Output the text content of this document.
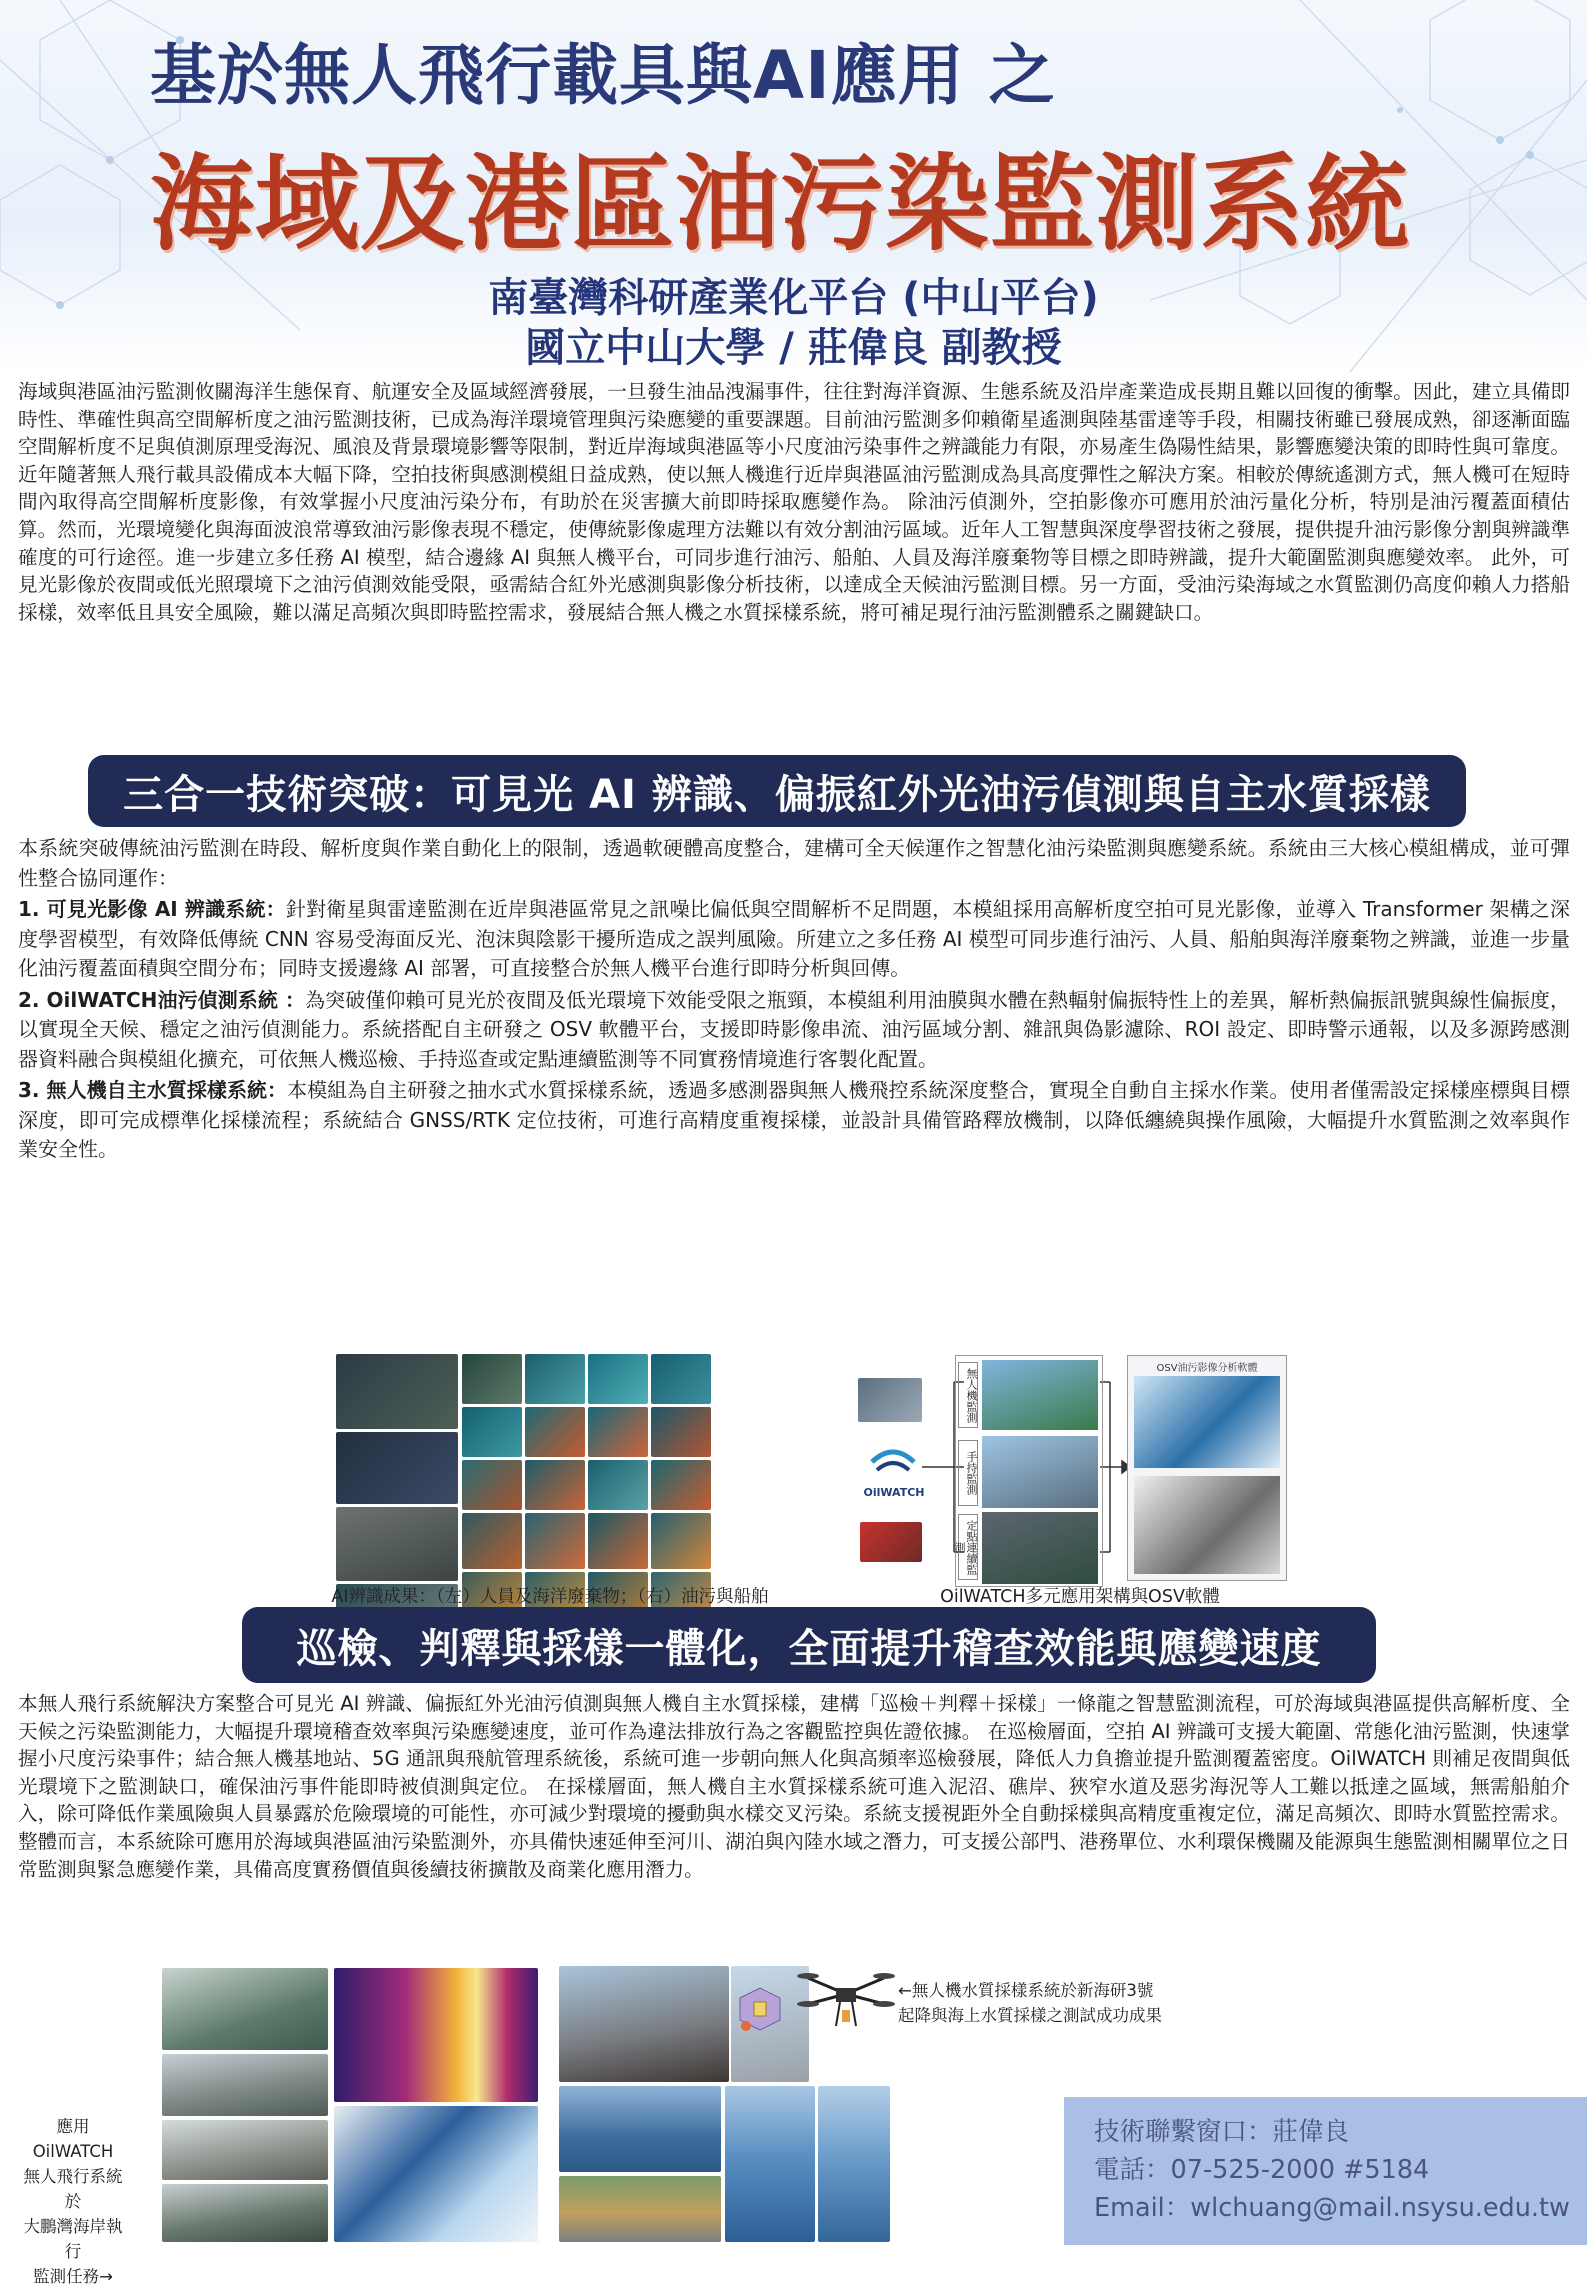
基於無人飛行載具與AI應用 之
海域及港區油污染監測系統
南臺灣科研產業化平台 (中山平台)
國立中山大學 / 莊偉良 副教授
海域與港區油污監測攸關海洋生態保育、航運安全及區域經濟發展，一旦發生油品洩漏事件，往往對海洋資源、生態系統及沿岸產業造成長期且難以回復的衝擊。因此，建立具備即時性、準確性與高空間解析度之油污監測技術，已成為海洋環境管理與污染應變的重要課題。目前油污監測多仰賴衛星遙測與陸基雷達等手段，相關技術雖已發展成熟，卻逐漸面臨空間解析度不足與偵測原理受海況、風浪及背景環境影響等限制，對近岸海域與港區等小尺度油污染事件之辨識能力有限，亦易產生偽陽性結果，影響應變決策的即時性與可靠度。 近年隨著無人飛行載具設備成本大幅下降，空拍技術與感測模組日益成熟，使以無人機進行近岸與港區油污監測成為具高度彈性之解決方案。相較於傳統遙測方式，無人機可在短時間內取得高空間解析度影像，有效掌握小尺度油污染分布，有助於在災害擴大前即時採取應變作為。 除油污偵測外，空拍影像亦可應用於油污量化分析，特別是油污覆蓋面積估算。然而，光環境變化與海面波浪常導致油污影像表現不穩定，使傳統影像處理方法難以有效分割油污區域。近年人工智慧與深度學習技術之發展，提供提升油污影像分割與辨識準確度的可行途徑。進一步建立多任務 AI 模型，結合邊緣 AI 與無人機平台，可同步進行油污、船舶、人員及海洋廢棄物等目標之即時辨識，提升大範圍監測與應變效率。 此外，可見光影像於夜間或低光照環境下之油污偵測效能受限，亟需結合紅外光感測與影像分析技術，以達成全天候油污監測目標。另一方面，受油污染海域之水質監測仍高度仰賴人力搭船採樣，效率低且具安全風險，難以滿足高頻次與即時監控需求，發展結合無人機之水質採樣系統，將可補足現行油污監測體系之關鍵缺口。
三合一技術突破：可見光 AI 辨識、偏振紅外光油污偵測與自主水質採樣
本系統突破傳統油污監測在時段、解析度與作業自動化上的限制，透過軟硬體高度整合，建構可全天候運作之智慧化油污染監測與應變系統。系統由三大核心模組構成，並可彈性整合協同運作：
1. 可見光影像 AI 辨識系統：針對衛星與雷達監測在近岸與港區常見之訊噪比偏低與空間解析不足問題，本模組採用高解析度空拍可見光影像，並導入 Transformer 架構之深度學習模型，有效降低傳統 CNN 容易受海面反光、泡沫與陰影干擾所造成之誤判風險。所建立之多任務 AI 模型可同步進行油污、人員、船舶與海洋廢棄物之辨識，並進一步量化油污覆蓋面積與空間分布；同時支援邊緣 AI 部署，可直接整合於無人機平台進行即時分析與回傳。
2. OilWATCH油污偵測系統 ：為突破僅仰賴可見光於夜間及低光環境下效能受限之瓶頸，本模組利用油膜與水體在熱輻射偏振特性上的差異，解析熱偏振訊號與線性偏振度，以實現全天候、穩定之油污偵測能力。系統搭配自主研發之 OSV 軟體平台，支援即時影像串流、油污區域分割、雜訊與偽影濾除、ROI 設定、即時警示通報，以及多源跨感測器資料融合與模組化擴充，可依無人機巡檢、手持巡查或定點連續監測等不同實務情境進行客製化配置。
3. 無人機自主水質採樣系統：本模組為自主研發之抽水式水質採樣系統，透過多感測器與無人機飛控系統深度整合，實現全自動自主採水作業。使用者僅需設定採樣座標與目標深度，即可完成標準化採樣流程；系統結合 GNSS/RTK 定位技術，可進行高精度重複採樣，並設計具備管路釋放機制，以降低纏繞與操作風險，大幅提升水質監測之效率與作業安全性。
AI辨識成果：（左）人員及海洋廢棄物；（右）油污與船舶
OilWATCH
無人機監測
手持監測
定點連續監測
OSV油污影像分析軟體
OilWATCH多元應用架構與OSV軟體
巡檢、判釋與採樣一體化，全面提升稽查效能與應變速度
本無人飛行系統解決方案整合可見光 AI 辨識、偏振紅外光油污偵測與無人機自主水質採樣，建構「巡檢＋判釋＋採樣」一條龍之智慧監測流程，可於海域與港區提供高解析度、全天候之污染監測能力，大幅提升環境稽查效率與污染應變速度，並可作為違法排放行為之客觀監控與佐證依據。 在巡檢層面，空拍 AI 辨識可支援大範圍、常態化油污監測，快速掌握小尺度污染事件；結合無人機基地站、5G 通訊與飛航管理系統後，系統可進一步朝向無人化與高頻率巡檢發展，降低人力負擔並提升監測覆蓋密度。OilWATCH 則補足夜間與低光環境下之監測缺口，確保油污事件能即時被偵測與定位。 在採樣層面，無人機自主水質採樣系統可進入泥沼、礁岸、狹窄水道及惡劣海況等人工難以抵達之區域，無需船舶介入，除可降低作業風險與人員暴露於危險環境的可能性，亦可減少對環境的擾動與水樣交叉污染。系統支援視距外全自動採樣與高精度重複定位，滿足高頻次、即時水質監控需求。整體而言，本系統除可應用於海域與港區油污染監測外，亦具備快速延伸至河川、湖泊與內陸水域之潛力，可支援公部門、港務單位、水利環保機關及能源與生態監測相關單位之日常監測與緊急應變作業，具備高度實務價值與後續技術擴散及商業化應用潛力。
應用OilWATCH
無人飛行系統於
大鵬灣海岸執行
監測任務→
←無人機水質採樣系統於新海研3號
起降與海上水質採樣之測試成功成果
技術聯繫窗口：莊偉良
電話：07-525-2000 #5184
Email：wlchuang@mail.nsysu.edu.tw
